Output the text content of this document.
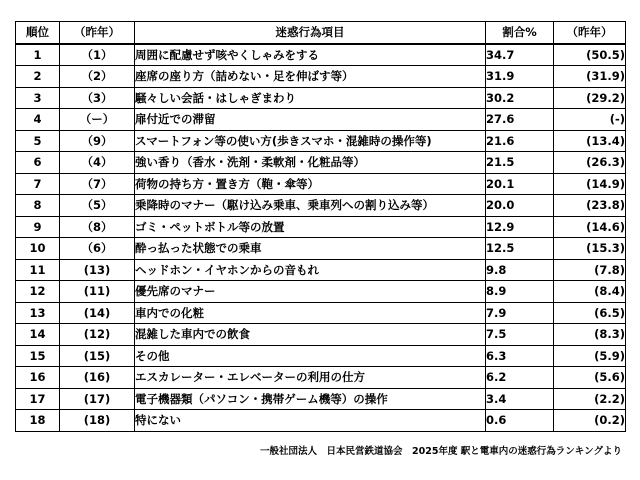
順位	（昨年）	迷惑行為項目	割合%	（昨年）
1	（1）	周囲に配慮せず咳やくしゃみをする	34.7	(50.5)
2	（2）	座席の座り方（詰めない・足を伸ばす等）	31.9	(31.9)
3	（3）	騒々しい会話・はしゃぎまわり	30.2	(29.2)
4	（ー）	扉付近での滞留	27.6	(-)
5	（9）	スマートフォン等の使い方(歩きスマホ・混雑時の操作等)	21.6	(13.4)
6	（4）	強い香り（香水・洗剤・柔軟剤・化粧品等）	21.5	(26.3)
7	（7）	荷物の持ち方・置き方（鞄・傘等）	20.1	(14.9)
8	（5）	乗降時のマナー（駆け込み乗車、乗車列への割り込み等）	20.0	(23.8)
9	（8）	ゴミ・ペットボトル等の放置	12.9	(14.6)
10	（6）	酔っ払った状態での乗車	12.5	(15.3)
11	(13)	ヘッドホン・イヤホンからの音もれ	9.8	(7.8)
12	(11)	優先席のマナー	8.9	(8.4)
13	(14)	車内での化粧	7.9	(6.5)
14	(12)	混雑した車内での飲食	7.5	(8.3)
15	(15)	その他	6.3	(5.9)
16	(16)	エスカレーター・エレベーターの利用の仕方	6.2	(5.6)
17	(17)	電子機器類（パソコン・携帯ゲーム機等）の操作	3.4	(2.2)
18	(18)	特にない	0.6	(0.2)
一般社団法人　日本民営鉄道協会　2025年度 駅と電車内の迷惑行為ランキングより
